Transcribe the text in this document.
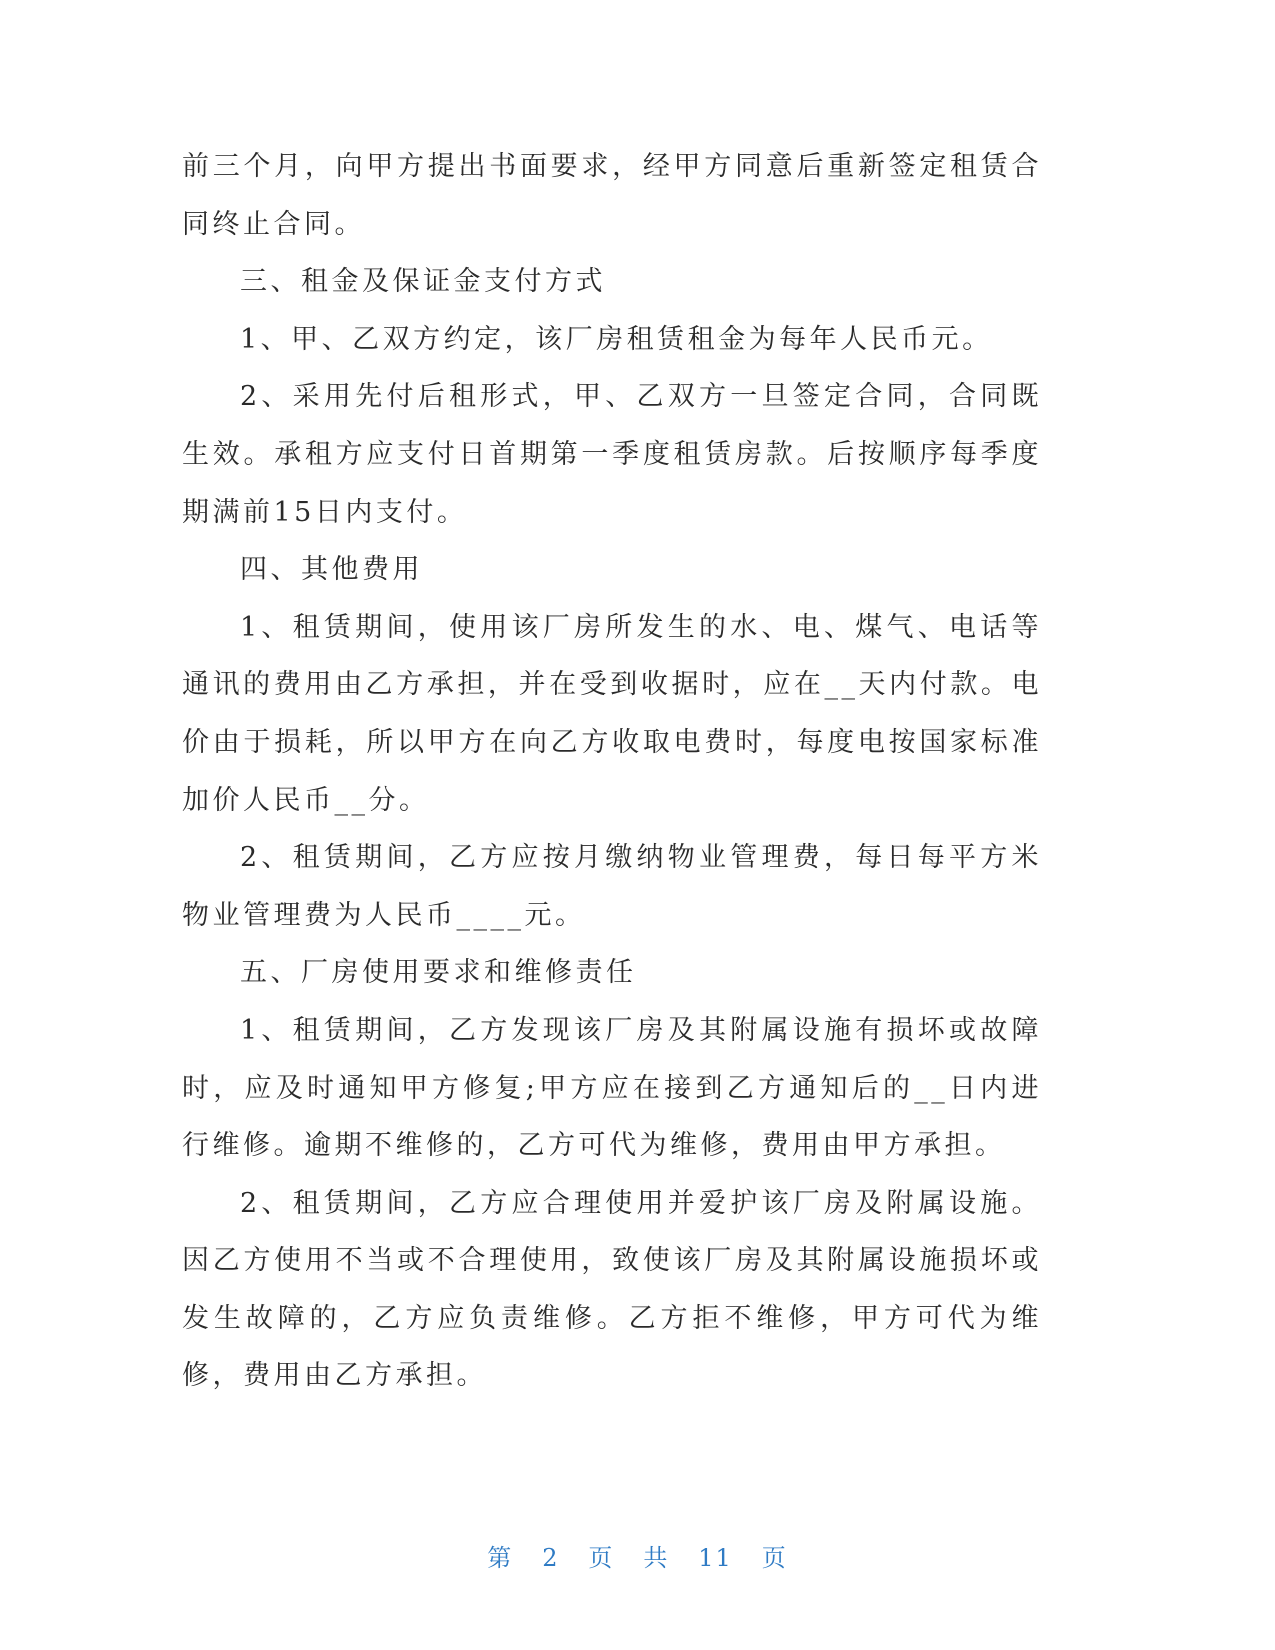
前三个月，向甲方提出书面要求，经甲方同意后重新签定租赁合同终止合同。

三、租金及保证金支付方式

1、甲、乙双方约定，该厂房租赁租金为每年人民币元。

2、采用先付后租形式，甲、乙双方一旦签定合同，合同既生效。承租方应支付日首期第一季度租赁房款。后按顺序每季度期满前15日内支付。

四、其他费用

1、租赁期间，使用该厂房所发生的水、电、煤气、电话等通讯的费用由乙方承担，并在受到收据时，应在__天内付款。电价由于损耗，所以甲方在向乙方收取电费时，每度电按国家标准加价人民币__分。

2、租赁期间，乙方应按月缴纳物业管理费，每日每平方米物业管理费为人民币____元。

五、厂房使用要求和维修责任

1、租赁期间，乙方发现该厂房及其附属设施有损坏或故障时，应及时通知甲方修复;甲方应在接到乙方通知后的__日内进行维修。逾期不维修的，乙方可代为维修，费用由甲方承担。

2、租赁期间，乙方应合理使用并爱护该厂房及附属设施。因乙方使用不当或不合理使用，致使该厂房及其附属设施损坏或发生故障的，乙方应负责维修。乙方拒不维修，甲方可代为维修，费用由乙方承担。

第 2 页 共 11 页
